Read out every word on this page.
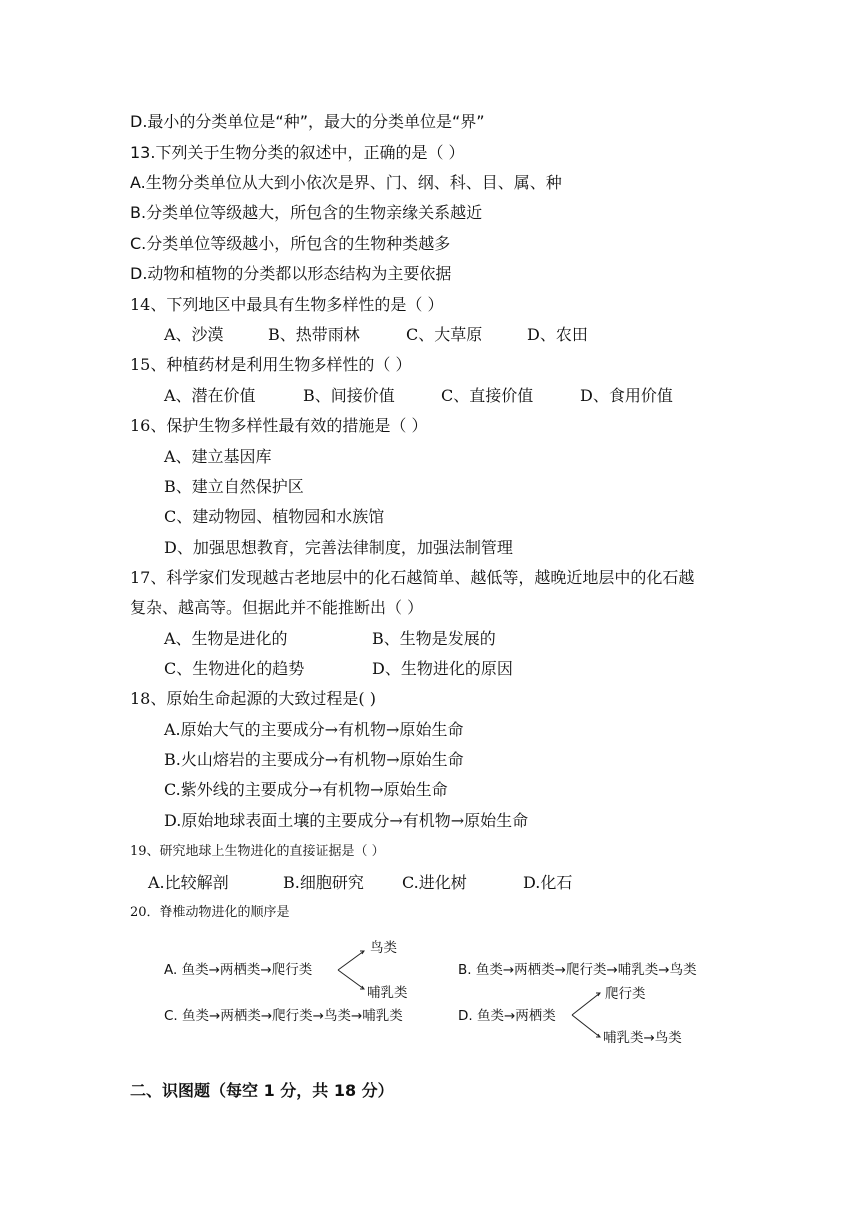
D.最小的分类单位是“种”，最大的分类单位是“界”
13.下列关于生物分类的叙述中，正确的是（ ）
A.生物分类单位从大到小依次是界、门、纲、科、目、属、种
B.分类单位等级越大，所包含的生物亲缘关系越近
C.分类单位等级越小，所包含的生物种类越多
D.动物和植物的分类都以形态结构为主要依据
14、下列地区中最具有生物多样性的是（ ）
A、沙漠	B、热带雨林	C、大草原	D、农田
15、种植药材是利用生物多样性的（ ）
A、潜在价值	B、间接价值	C、直接价值	D、食用价值
16、保护生物多样性最有效的措施是（ ）
A、建立基因库
B、建立自然保护区
C、建动物园、植物园和水族馆
D、加强思想教育，完善法律制度，加强法制管理
17、科学家们发现越古老地层中的化石越简单、越低等，越晚近地层中的化石越
复杂、越高等。但据此并不能推断出（ ）
A、生物是进化的	B、生物是发展的
C、生物进化的趋势	D、生物进化的原因
18、原始生命起源的大致过程是( )
A.原始大气的主要成分→有机物→原始生命
B.火山熔岩的主要成分→有机物→原始生命
C.紫外线的主要成分→有机物→原始生命
D.原始地球表面土壤的主要成分→有机物→原始生命
19、研究地球上生物进化的直接证据是（ ）
A.比较解剖	B.细胞研究 C.进化树	D.化石
20．脊椎动物进化的顺序是
A. 鱼类→两栖类→爬行类
鸟类
哺乳类
B. 鱼类→两栖类→爬行类→哺乳类→鸟类
C. 鱼类→两栖类→爬行类→鸟类→哺乳类	D. 鱼类→两栖类
爬行类
哺乳类→鸟类
二、识图题（每空 1 分，共 18 分）
